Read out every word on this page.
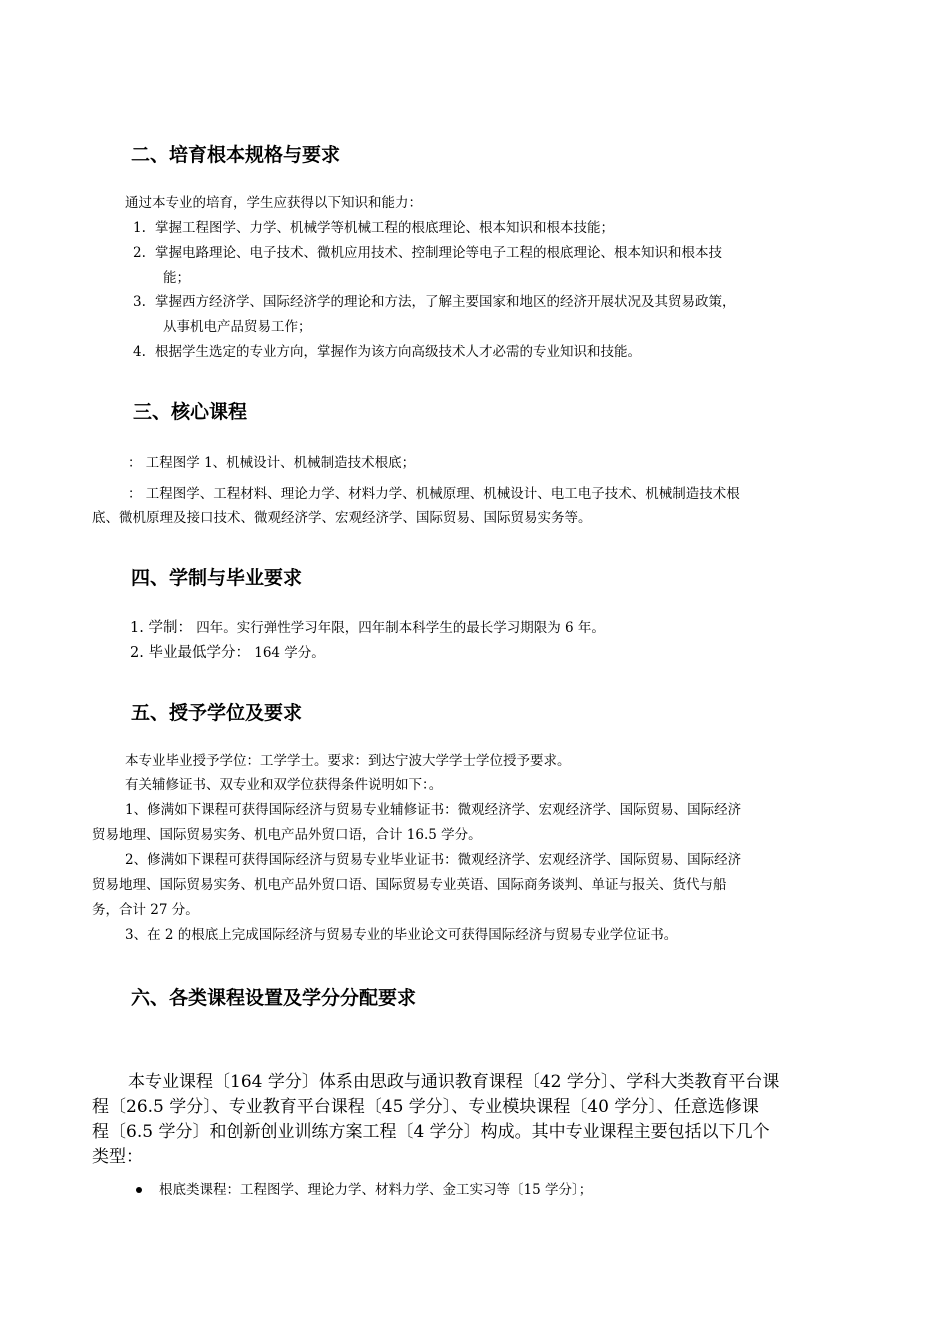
二、培育根本规格与要求
通过本专业的培育，学生应获得以下知识和能力：
1. 掌握工程图学、力学、机械学等机械工程的根底理论、根本知识和根本技能；
2. 掌握电路理论、电子技术、微机应用技术、控制理论等电子工程的根底理论、根本知识和根本技
能；
3. 掌握西方经济学、国际经济学的理论和方法，了解主要国家和地区的经济开展状况及其贸易政策，
从事机电产品贸易工作；
4. 根据学生选定的专业方向，掌握作为该方向高级技术人才必需的专业知识和技能。
三、核心课程
： 工程图学 1、机械设计、机械制造技术根底；
： 工程图学、工程材料、理论力学、材料力学、机械原理、机械设计、电工电子技术、机械制造技术根
底、微机原理及接口技术、微观经济学、宏观经济学、国际贸易、国际贸易实务等。
四、学制与毕业要求
1. 学制： 四年。实行弹性学习年限，四年制本科学生的最长学习期限为 6 年。
2. 毕业最低学分： 164 学分。
五、授予学位及要求
本专业毕业授予学位：工学学士。要求：到达宁波大学学士学位授予要求。
有关辅修证书、双专业和双学位获得条件说明如下：。
1、修满如下课程可获得国际经济与贸易专业辅修证书：微观经济学、宏观经济学、国际贸易、国际经济
贸易地理、国际贸易实务、机电产品外贸口语，合计 16.5 学分。
2、修满如下课程可获得国际经济与贸易专业毕业证书：微观经济学、宏观经济学、国际贸易、国际经济
贸易地理、国际贸易实务、机电产品外贸口语、国际贸易专业英语、国际商务谈判、单证与报关、货代与船
务，合计 27 分。
3、在 2 的根底上完成国际经济与贸易专业的毕业论文可获得国际经济与贸易专业学位证书。
六、各类课程设置及学分分配要求
本专业课程〔164 学分〕体系由思政与通识教育课程〔42 学分〕、学科大类教育平台课
程〔26.5 学分〕、专业教育平台课程〔45 学分〕、专业模块课程〔40 学分〕、任意选修课
程〔6.5 学分〕和创新创业训练方案工程〔4 学分〕构成。其中专业课程主要包括以下几个
类型：
根底类课程：工程图学、理论力学、材料力学、金工实习等〔15 学分〕；
